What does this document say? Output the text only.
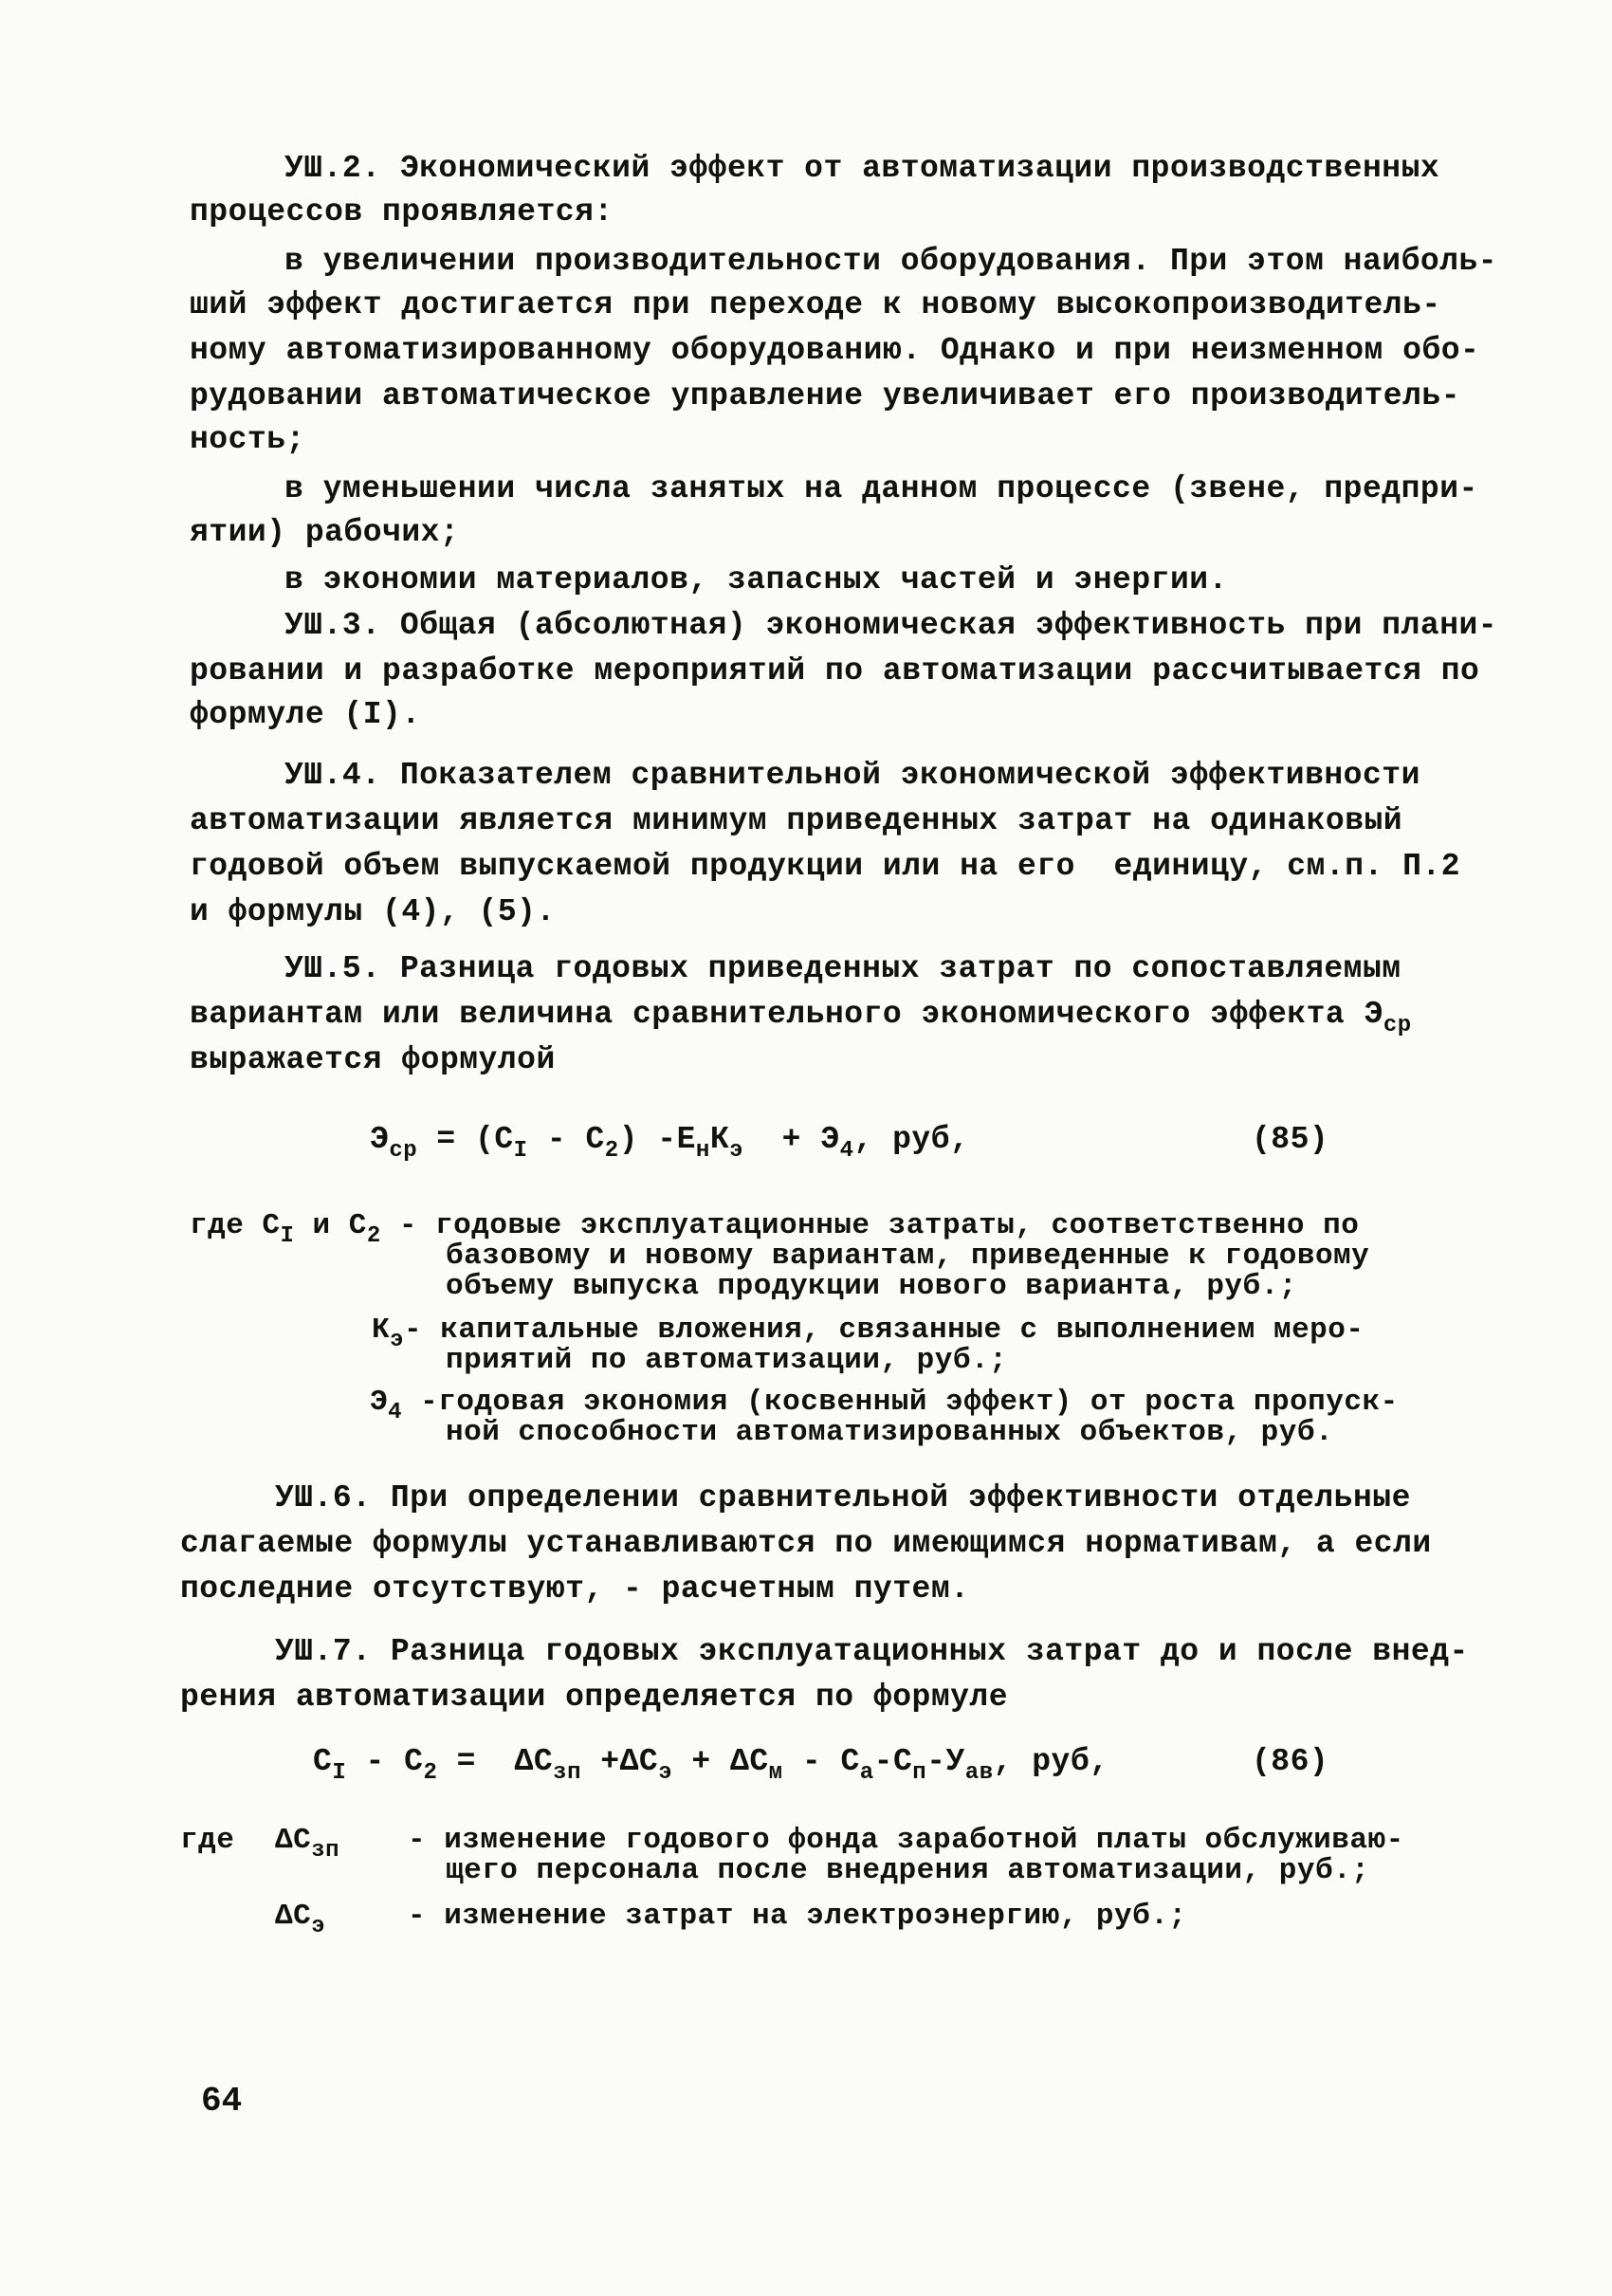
УШ.2. Экономический эффект от автоматизации производственных
процессов проявляется:
в увеличении производительности оборудования. При этом наиболь-
ший эффект достигается при переходе к новому высокопроизводитель-
ному автоматизированному оборудованию. Однако и при неизменном обо-
рудовании автоматическое управление увеличивает его производитель-
ность;
в уменьшении числа занятых на данном процессе (звене, предпри-
ятии) рабочих;
в экономии материалов, запасных частей и энергии.
УШ.3. Общая (абсолютная) экономическая эффективность при плани-
ровании и разработке мероприятий по автоматизации рассчитывается по
формуле (I).
УШ.4. Показателем сравнительной экономической эффективности
автоматизации является минимум приведенных затрат на одинаковый
годовой объем выпускаемой продукции или на его  единицу, см.п. П.2
и формулы (4), (5).
УШ.5. Разница годовых приведенных затрат по сопоставляемым
вариантам или величина сравнительного экономического эффекта $Э_{ср}$
выражается формулой
$Э_{ср} = (С_I - С_2) -Е_нК_э + Э_4$, руб,	(85)
где $С_I$ и $С_2$ - годовые эксплуатационные затраты, соответственно по
базовому и новому вариантам, приведенные к годовому
объему выпуска продукции нового варианта, руб.;
$К_э-$ капитальные вложения, связанные с выполнением меро-
приятий по автоматизации, руб.;
$Э_4$ -годовая экономия (косвенный эффект) от роста пропуск-
ной способности автоматизированных объектов, руб.
УШ.6. При определении сравнительной эффективности отдельные
слагаемые формулы устанавливаются по имеющимся нормативам, а если
последние отсутствуют, - расчетным путем.
УШ.7. Разница годовых эксплуатационных затрат до и после внед-
рения автоматизации определяется по формуле
$С_I - С_2 = \Delta С_{зп} +\Delta С_э + \Delta С_м - С_а-С_п-У_{ав}$, руб,	(86)
где $\Delta С_{зп}$ - изменение годового фонда заработной платы обслуживаю-
щего персонала после внедрения автоматизации, руб.;
$\Delta С_э$	- изменение затрат на электроэнергию, руб.;
64
